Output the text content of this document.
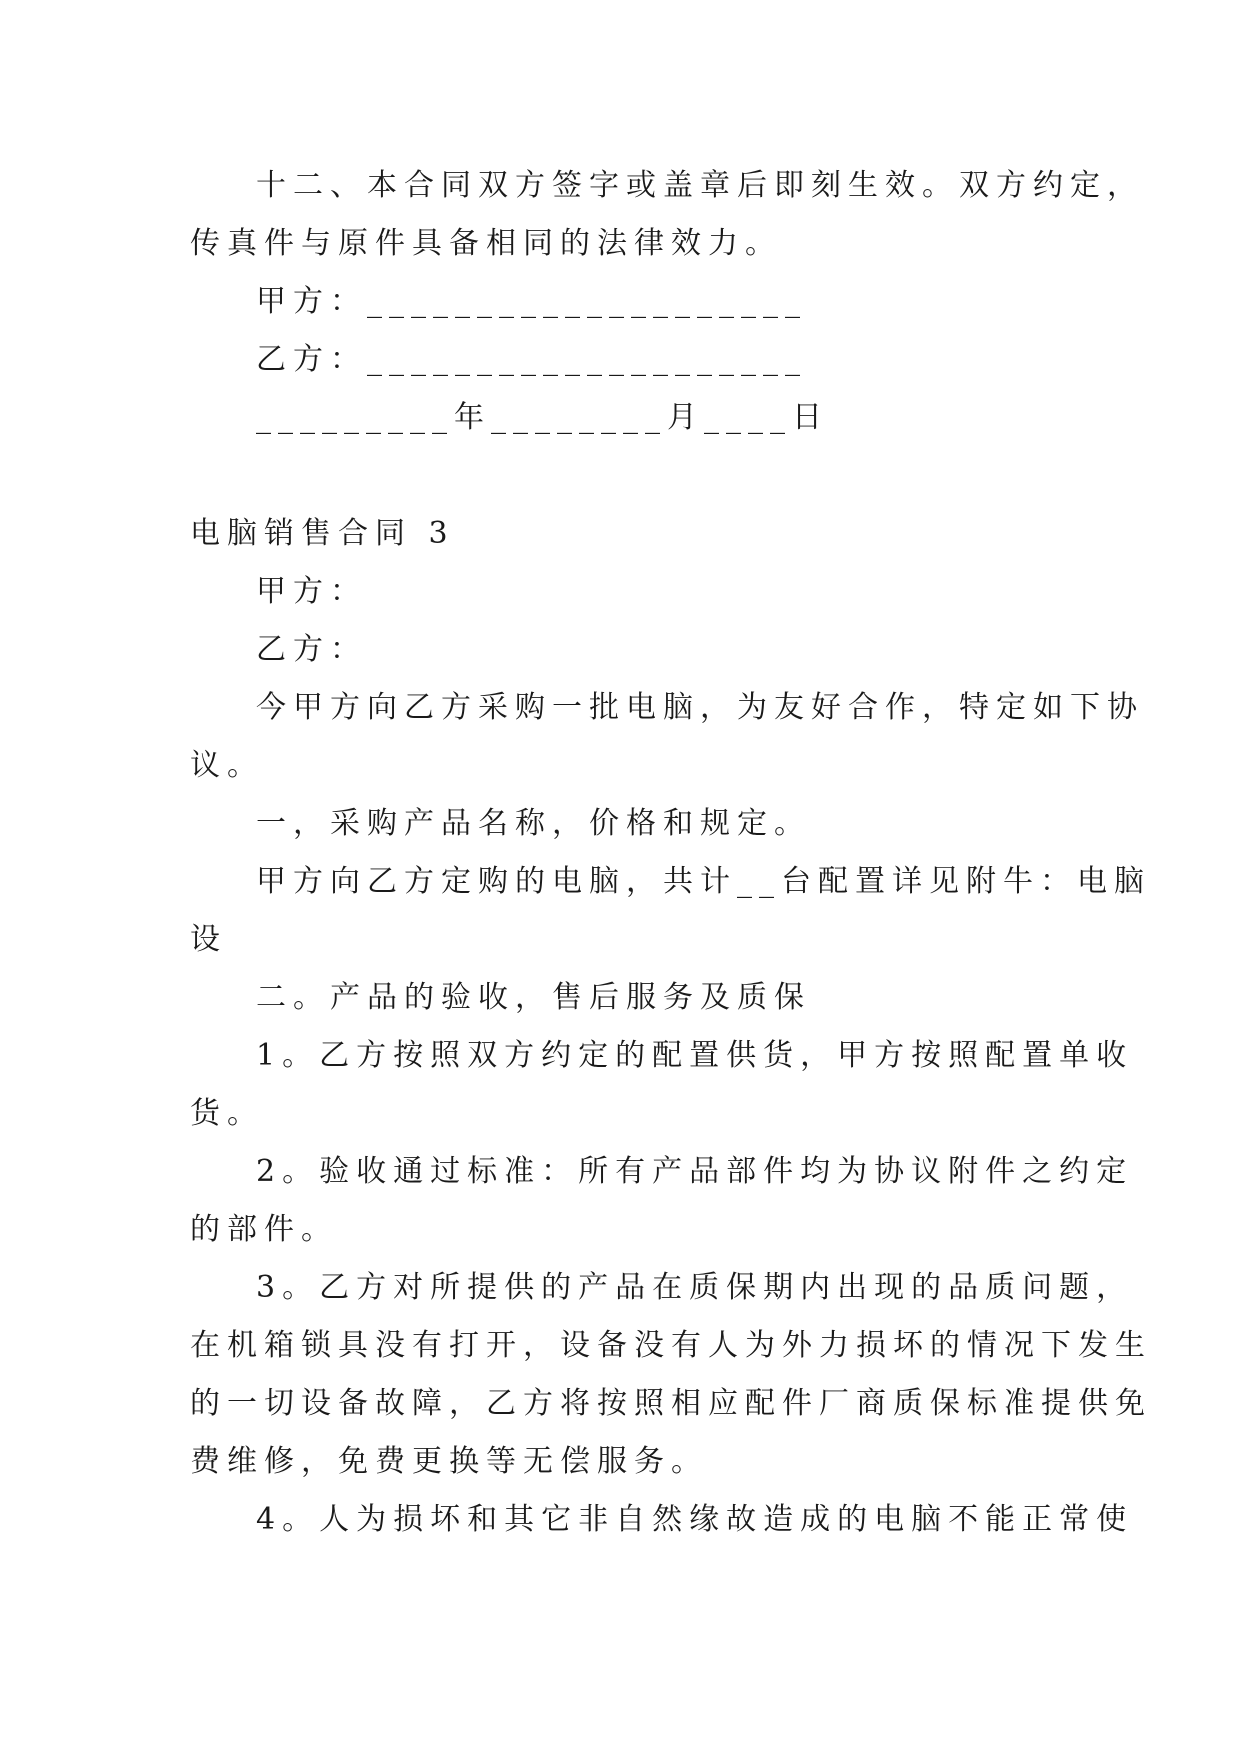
十二、本合同双方签字或盖章后即刻生效。双方约定，
传真件与原件具备相同的法律效力。
甲方：____________________
乙方：____________________
_________年________月____日
电脑销售合同 3
甲方：
乙方：
今甲方向乙方采购一批电脑，为友好合作，特定如下协
议。
一，采购产品名称，价格和规定。
甲方向乙方定购的电脑，共计__台配置详见附牛：电脑
设
二。产品的验收，售后服务及质保
1。乙方按照双方约定的配置供货，甲方按照配置单收
货。
2。验收通过标准：所有产品部件均为协议附件之约定
的部件。
3。乙方对所提供的产品在质保期内出现的品质问题，
在机箱锁具没有打开，设备没有人为外力损坏的情况下发生
的一切设备故障，乙方将按照相应配件厂商质保标准提供免
费维修，免费更换等无偿服务。
4。人为损坏和其它非自然缘故造成的电脑不能正常使
